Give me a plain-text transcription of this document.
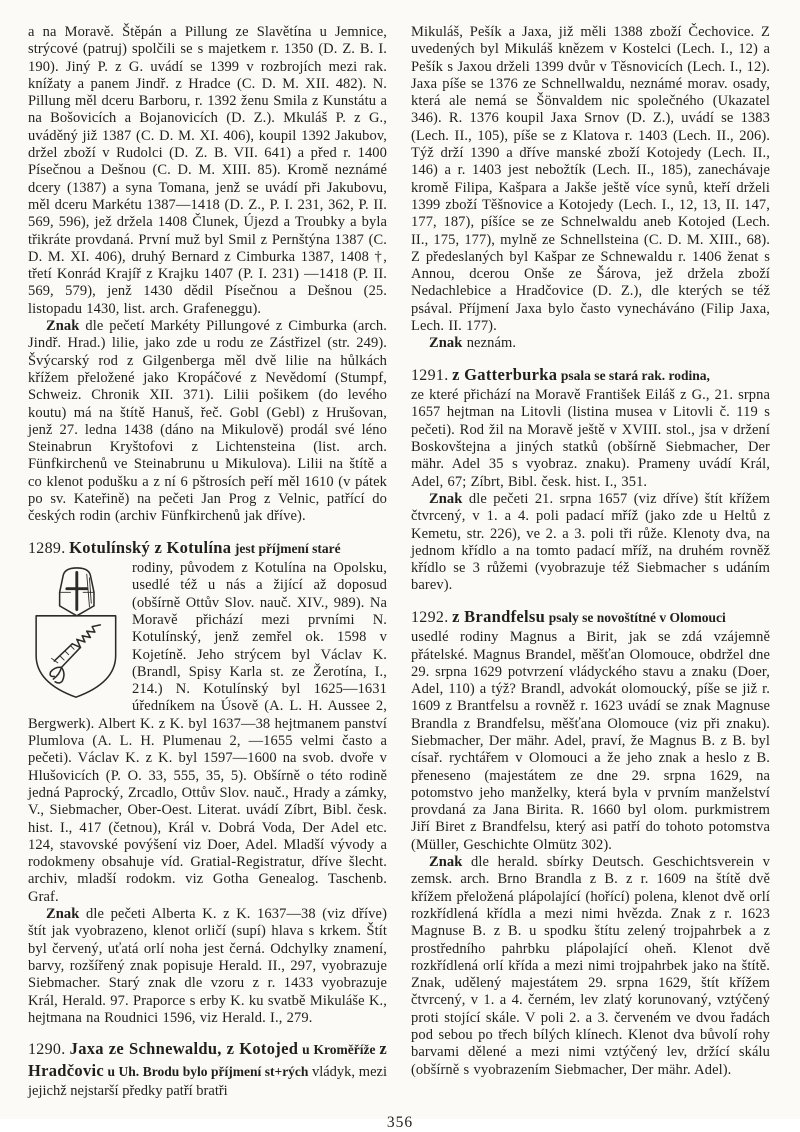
a na Moravě. Štěpán a Pillung ze Slavětína u Jemnice, strýcové (patruj) spolčili se s majetkem r. 1350 (D. Z. B. I. 190). Jiný P. z G. uvádí se 1399 v rozbrojích mezi rak. knížaty a panem Jindř. z Hradce (C. D. M. XII. 482). N. Pillung měl dceru Barboru, r. 1392 ženu Smila z Kunstátu a na Bošovicích a Bojanovicích (D. Z.). Mkuláš P. z G., uváděný již 1387 (C. D. M. XI. 406), koupil 1392 Jakubov, držel zboží v Rudolci (D. Z. B. VII. 641) a před r. 1400 Písečnou a Dešnou (C. D. M. XIII. 85). Kromě neznámé dcery (1387) a syna Tomana, jenž se uvádí při Jakubovu, měl dceru Markétu 1387—1418 (D. Z., P. I. 231, 362, P. II. 569, 596), jež držela 1408 Člunek, Újezd a Troubky a byla třikráte provdaná. První muž byl Smil z Pernštýna 1387 (C. D. M. XI. 406), druhý Bernard z Cimburka 1387, 1408 †, třetí Konrád Krajíř z Krajku 1407 (P. I. 231) —1418 (P. II. 569, 579), jenž 1430 dědil Písečnou a Dešnou (25. listopadu 1430, list. arch. Grafeneggu).

Znak dle pečetí Markéty Pillungové z Cimburka (arch. Jindř. Hrad.) lilie, jako zde u rodu ze Zástřizel (str. 249). Švýcarský rod z Gilgenberga měl dvě lilie na hůlkách křížem přeložené jako Kropáčové z Nevědomí (Stumpf, Schweiz. Chronik XII. 371). Lilii pošikem (do levého koutu) má na štítě Hanuš, řeč. Gobl (Gebl) z Hrušovan, jenž 27. ledna 1438 (dáno na Mikulově) prodál své léno Steinabrun Kryštofovi z Lichtensteina (list. arch. Fünfkirchenů ve Steinabrunu u Mikulova). Lilii na štítě a co klenot podušku a z ní 6 pštrosích peří měl 1610 (v pátek po sv. Kateřině) na pečeti Jan Prog z Velnic, patřící do českých rodin (archiv Fünfkirchenů jak dříve).

1289. Kotulínský z Kotulína jest příjmení staré

rodiny, původem z Kotulína na Opolsku, usedlé též u nás a žijící až doposud (obšírně Ottův Slov. nauč. XIV., 989). Na Moravě přichází mezi prvními N. Kotulínský, jenž zemřel ok. 1598 v Kojetíně. Jeho strýcem byl Václav K. (Brandl, Spisy Karla st. ze Žerotína, I., 214.) N. Kotulínský byl 1625—1631 úředníkem na Úsově (A. L. H. Aussee 2, Bergwerk). Albert K. z K. byl 1637—38 hejtmanem panství Plumlova (A. L. H. Plumenau 2, —1655 velmi často a pečeti). Václav K. z K. byl 1597—1600 na svob. dvoře v Hlušovicích (P. O. 33, 555, 35, 5). Obšírně o této rodině jedná Paprocký, Zrcadlo, Ottův Slov. nauč., Hrady a zámky, V., Siebmacher, Ober-Oest. Literat. uvádí Zíbrt, Bibl. česk. hist. I., 417 (četnou), Král v. Dobrá Voda, Der Adel etc. 124, stavovské povýšení viz Doer, Adel. Mladší vývody a rodokmeny obsahuje víd. Gratial-Registratur, dříve šlecht. archiv, mladší rodokm. viz Gotha Genealog. Taschenb. Graf.

Znak dle pečeti Alberta K. z K. 1637—38 (viz dříve) štít jak vyobrazeno, klenot orličí (supí) hlava s krkem. Štít byl červený, uťatá orlí noha jest černá. Odchylky znamení, barvy, rozšířený znak popisuje Herald. II., 297, vyobrazuje Siebmacher. Starý znak dle vzoru z r. 1433 vyobrazuje Král, Herald. 97. Praporce s erby K. ku svatbě Mikuláše K., hejtmana na Roudnici 1596, viz Herald. I., 279.

1290. Jaxa ze Schnewaldu, z Kotojed u Kroměříže z Hradčovic u Uh. Brodu bylo příjmení st+rých vládyk, mezi jejichž nejstarší předky patří bratři

Mikuláš, Pešík a Jaxa, již měli 1388 zboží Čechovice. Z uvedených byl Mikuláš knězem v Kostelci (Lech. I., 12) a Pešík s Jaxou drželi 1399 dvůr v Těsnovicích (Lech. I., 12). Jaxa píše se 1376 ze Schnellwaldu, neznámé morav. osady, která ale nemá se Šönvaldem nic společného (Ukazatel 346). R. 1376 koupil Jaxa Srnov (D. Z.), uvádí se 1383 (Lech. II., 105), píše se z Klatova r. 1403 (Lech. II., 206). Týž drží 1390 a dříve manské zboží Kotojedy (Lech. II., 146) a r. 1403 jest nebožtík (Lech. II., 185), zanechávaje kromě Filipa, Kašpara a Jakše ještě více synů, kteří drželi 1399 zboží Těšnovice a Kotojedy (Lech. I., 12, 13, II. 147, 177, 187), píšíce se ze Schnelwaldu aneb Kotojed (Lech. II., 175, 177), mylně ze Schnellsteina (C. D. M. XIII., 68). Z předeslaných byl Kašpar ze Schnewaldu r. 1406 ženat s Annou, dcerou Onše ze Šárova, jež držela zboží Nedachlebice a Hradčovice (D. Z.), dle kterých se též psával. Příjmení Jaxa bylo často vynecháváno (Filip Jaxa, Lech. II. 177).

Znak neznám.

1291. z Gatterburka psala se stará rak. rodina,

ze které přichází na Moravě František Eiláš z G., 21. srpna 1657 hejtman na Litovli (listina musea v Litovli č. 119 s pečeti). Rod žil na Moravě ještě v XVIII. stol., jsa v držení Boskovštejna a jiných statků (obšírně Siebmacher, Der mähr. Adel 35 s vyobraz. znaku). Prameny uvádí Král, Adel, 67; Zíbrt, Bibl. česk. hist. I., 351.

Znak dle pečeti 21. srpna 1657 (viz dříve) štít křížem čtvrcený, v 1. a 4. poli padací mříž (jako zde u Heltů z Kemetu, str. 226), ve 2. a 3. poli tři růže. Klenoty dva, na jednom křídlo a na tomto padací mříž, na druhém rovněž křídlo se 3 růžemi (vyobrazuje též Siebmacher s udáním barev).

1292. z Brandfelsu psaly se novoštítné v Olomouci

usedlé rodiny Magnus a Birit, jak se zdá vzájemně přátelské. Magnus Brandel, měšťan Olomouce, obdržel dne 29. srpna 1629 potvrzení vládyckého stavu a znaku (Doer, Adel, 110) a týž? Brandl, advokát olomoucký, píše se již r. 1609 z Brantfelsu a rovněž r. 1623 uvádí se znak Magnuse Brandla z Brandfelsu, měšťana Olomouce (viz při znaku). Siebmacher, Der mähr. Adel, praví, že Magnus B. z B. byl císař. rychtářem v Olomouci a že jeho znak a heslo z B. přeneseno (majestátem ze dne 29. srpna 1629, na potomstvo jeho manželky, která byla v prvním manželství provdaná za Jana Birita. R. 1660 byl olom. purkmistrem Jiří Biret z Brandfelsu, který asi patří do tohoto potomstva (Müller, Geschichte Olmütz 302).

Znak dle herald. sbírky Deutsch. Geschichtsverein v zemsk. arch. Brno Brandla z B. z r. 1609 na štítě dvě křížem přeložená plápolající (hořící) polena, klenot dvě orlí rozkřídlená křídla a mezi nimi hvězda. Znak z r. 1623 Magnuse B. z B. u spodku štítu zelený trojpahrbek a z prostředního pahrbku plápolající oheň. Klenot dvě rozkřídlená orlí křída a mezi nimi trojpahrbek jako na štítě. Znak, udělený majestátem 29. srpna 1629, štít křížem čtvrcený, v 1. a 4. černém, lev zlatý korunovaný, vztýčený proti stojící skále. V poli 2. a 3. červeném ve dvou řadách pod sebou po třech bílých klínech. Klenot dva bůvolí rohy barvami dělené a mezi nimi vztýčený lev, držící skálu (obšírně s vyobrazením Siebmacher, Der mähr. Adel).

356
